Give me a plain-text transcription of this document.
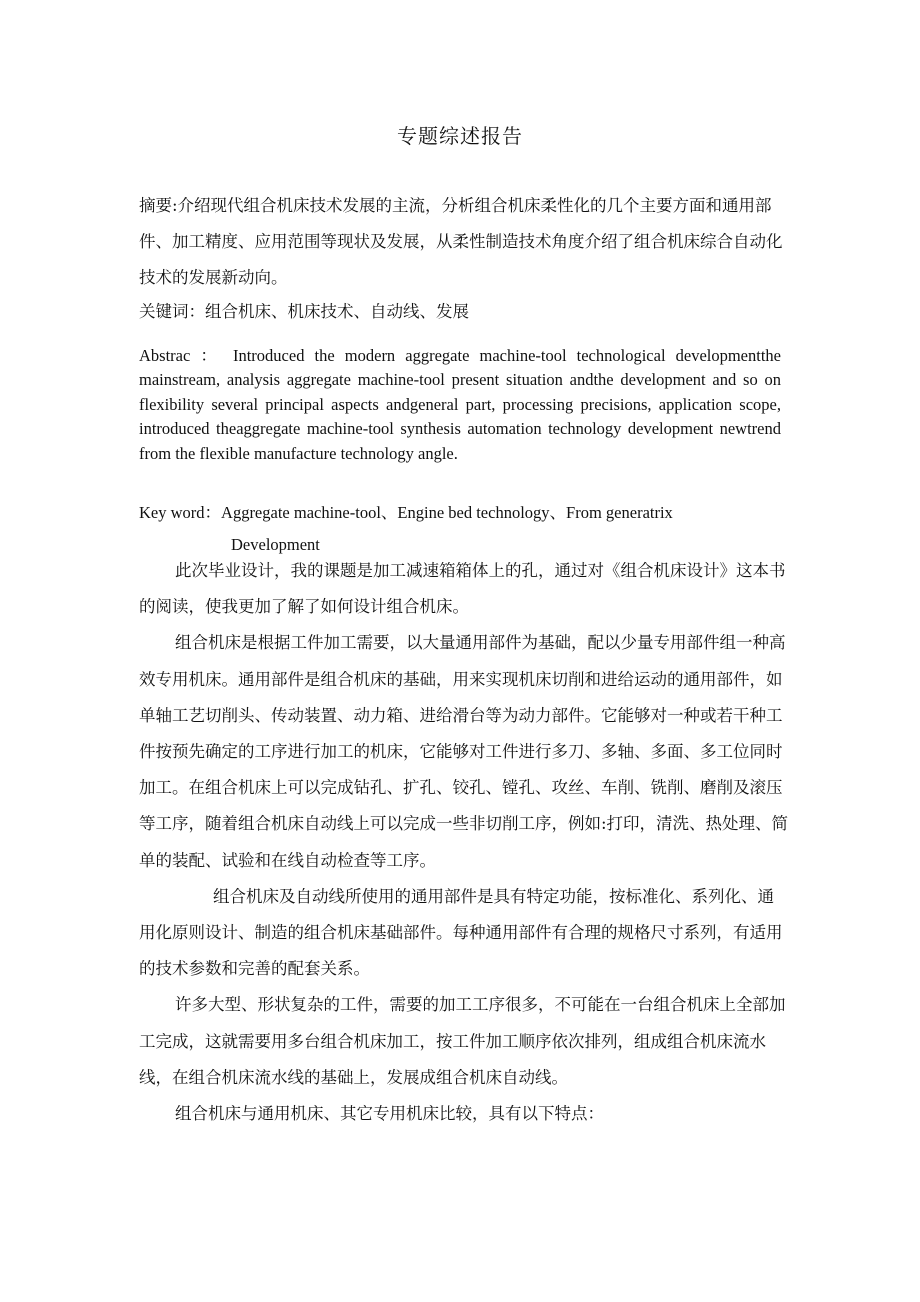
专题综述报告
摘要:介绍现代组合机床技术发展的主流，分析组合机床柔性化的几个主要方面和通用部件、加工精度、应用范围等现状及发展，从柔性制造技术角度介绍了组合机床综合自动化技术的发展新动向。
关键词：组合机床、机床技术、自动线、发展
Abstrac ： Introduced the modern aggregate machine-tool technological developmentthe mainstream, analysis aggregate machine-tool present situation andthe development and so on flexibility several principal aspects andgeneral part, processing precisions, application scope, introduced theaggregate machine-tool synthesis automation technology development newtrend from the flexible manufacture technology angle.
Key word：Aggregate machine-tool、Engine bed technology、From generatrix
Development

此次毕业设计，我的课题是加工减速箱箱体上的孔，通过对《组合机床设计》这本书的阅读，使我更加了解了如何设计组合机床。

组合机床是根据工件加工需要，以大量通用部件为基础，配以少量专用部件组一种高效专用机床。通用部件是组合机床的基础，用来实现机床切削和进给运动的通用部件，如单轴工艺切削头、传动装置、动力箱、进给滑台等为动力部件。它能够对一种或若干种工件按预先确定的工序进行加工的机床，它能够对工件进行多刀、多轴、多面、多工位同时加工。在组合机床上可以完成钻孔、扩孔、铰孔、镗孔、攻丝、车削、铣削、磨削及滚压等工序，随着组合机床自动线上可以完成一些非切削工序，例如:打印，清洗、热处理、简单的装配、试验和在线自动检查等工序。

组合机床及自动线所使用的通用部件是具有特定功能，按标准化、系列化、通用化原则设计、制造的组合机床基础部件。每种通用部件有合理的规格尺寸系列，有适用的技术参数和完善的配套关系。

许多大型、形状复杂的工件，需要的加工工序很多，不可能在一台组合机床上全部加工完成，这就需要用多台组合机床加工，按工件加工顺序依次排列，组成组合机床流水线，在组合机床流水线的基础上，发展成组合机床自动线。

组合机床与通用机床、其它专用机床比较，具有以下特点：
